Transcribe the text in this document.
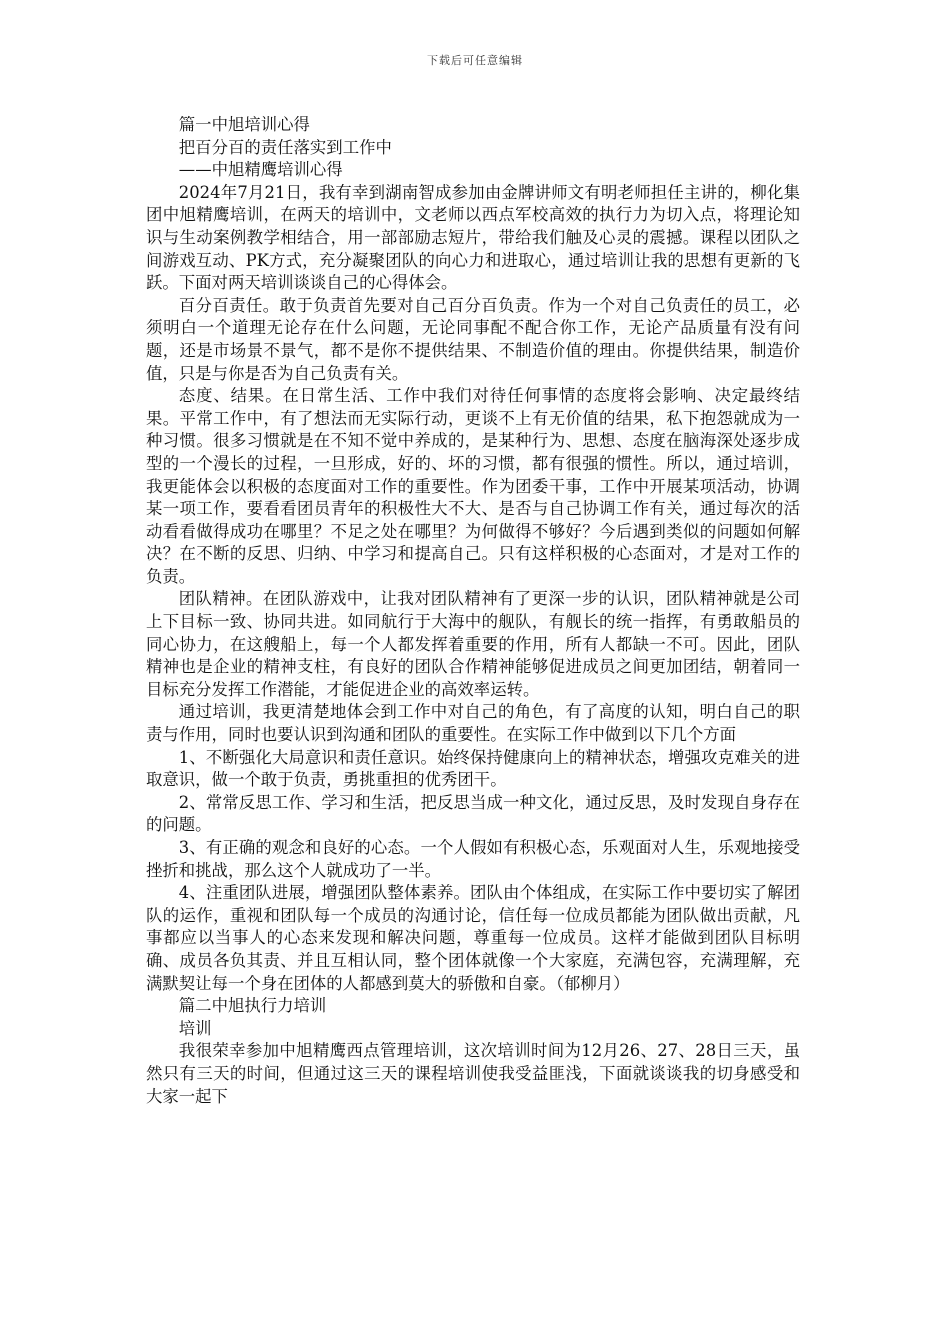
下载后可任意编辑

篇一中旭培训心得

把百分百的责任落实到工作中

——中旭精鹰培训心得

2024年7月21日，我有幸到湖南智成参加由金牌讲师文有明老师担任主讲的，柳化集团中旭精鹰培训，在两天的培训中，文老师以西点军校高效的执行力为切入点，将理论知识与生动案例教学相结合，用一部部励志短片，带给我们触及心灵的震撼。课程以团队之间游戏互动、PK方式，充分凝聚团队的向心力和进取心，通过培训让我的思想有更新的飞跃。下面对两天培训谈谈自己的心得体会。

百分百责任。敢于负责首先要对自己百分百负责。作为一个对自己负责任的员工，必须明白一个道理无论存在什么问题，无论同事配不配合你工作，无论产品质量有没有问题，还是市场景不景气，都不是你不提供结果、不制造价值的理由。你提供结果，制造价值，只是与你是否为自己负责有关。

态度、结果。在日常生活、工作中我们对待任何事情的态度将会影响、决定最终结果。平常工作中，有了想法而无实际行动，更谈不上有无价值的结果，私下抱怨就成为一种习惯。很多习惯就是在不知不觉中养成的，是某种行为、思想、态度在脑海深处逐步成型的一个漫长的过程，一旦形成，好的、坏的习惯，都有很强的惯性。所以，通过培训，我更能体会以积极的态度面对工作的重要性。作为团委干事，工作中开展某项活动，协调某一项工作，要看看团员青年的积极性大不大、是否与自己协调工作有关，通过每次的活动看看做得成功在哪里？不足之处在哪里？为何做得不够好？今后遇到类似的问题如何解决？在不断的反思、归纳、中学习和提高自己。只有这样积极的心态面对，才是对工作的负责。

团队精神。在团队游戏中，让我对团队精神有了更深一步的认识，团队精神就是公司上下目标一致、协同共进。如同航行于大海中的舰队，有舰长的统一指挥，有勇敢船员的同心协力，在这艘船上，每一个人都发挥着重要的作用，所有人都缺一不可。因此，团队精神也是企业的精神支柱，有良好的团队合作精神能够促进成员之间更加团结，朝着同一目标充分发挥工作潜能，才能促进企业的高效率运转。

通过培训，我更清楚地体会到工作中对自己的角色，有了高度的认知，明白自己的职责与作用，同时也要认识到沟通和团队的重要性。在实际工作中做到以下几个方面

1、不断强化大局意识和责任意识。始终保持健康向上的精神状态，增强攻克难关的进取意识，做一个敢于负责，勇挑重担的优秀团干。

2、常常反思工作、学习和生活，把反思当成一种文化，通过反思，及时发现自身存在的问题。

3、有正确的观念和良好的心态。一个人假如有积极心态，乐观面对人生，乐观地接受挫折和挑战，那么这个人就成功了一半。

4、注重团队进展，增强团队整体素养。团队由个体组成，在实际工作中要切实了解团队的运作，重视和团队每一个成员的沟通讨论，信任每一位成员都能为团队做出贡献，凡事都应以当事人的心态来发现和解决问题，尊重每一位成员。这样才能做到团队目标明确、成员各负其责、并且互相认同，整个团体就像一个大家庭，充满包容，充满理解，充满默契让每一个身在团体的人都感到莫大的骄傲和自豪。（郁柳月）

篇二中旭执行力培训

培训

我很荣幸参加中旭精鹰西点管理培训，这次培训时间为12月26、27、28日三天，虽然只有三天的时间，但通过这三天的课程培训使我受益匪浅，下面就谈谈我的切身感受和大家一起下
